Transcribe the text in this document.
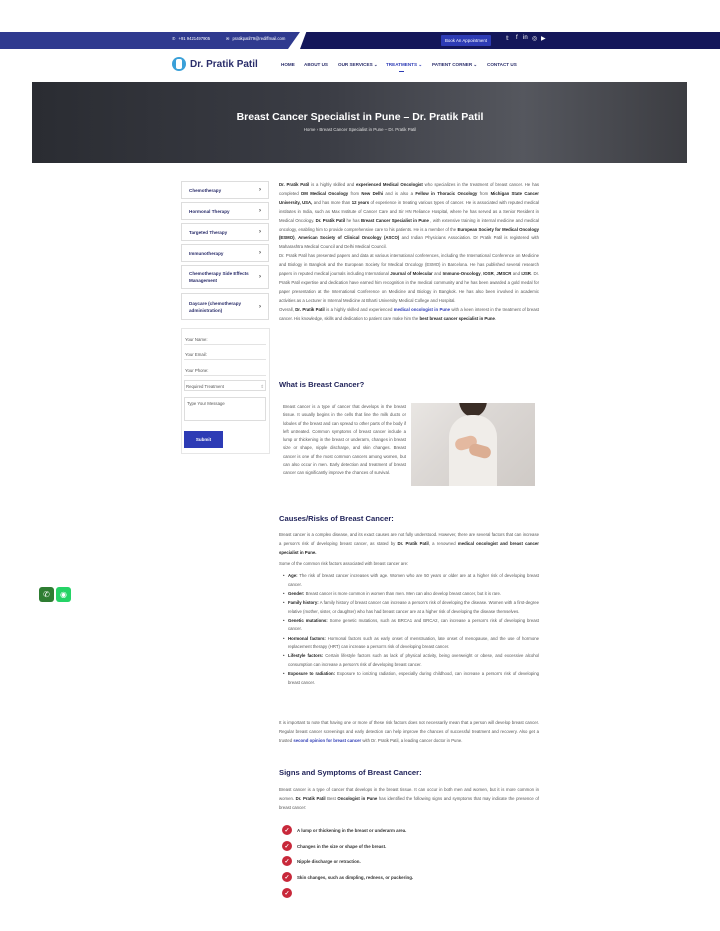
✆ +91 9421497905	✉ pratikpatil79@rediffmail.com	Book An Appointment	𝕥 f in ◎ ▶
Dr. Pratik Patil	HOME ABOUT US OUR SERVICES ⌄ TREATMENTS ⌄ PATIENT CORNER ⌄ CONTACT US
Breast Cancer Specialist in Pune – Dr. Pratik Patil
Home › Breast Cancer Specialist in Pune – Dr. Pratik Patil
Chemotherapy	›
Hormonal Therapy	›
Targeted Therapy	›
Immunotherapy	›
Chemotherapy Side Effects Management
›
Daycare (chemotherapy administration)
›
Your Name:
Your Email:
Your Phone:
Required Treatment	⇕
Type Your Message
Submit
✆	◉

Dr. Pratik Patil is a highly skilled and experienced Medical Oncologist who specializes in the treatment of breast cancer. He has completed DM Medical Oncology from New Delhi and is also a Fellow in Thoracic Oncology from Michigan State Cancer University, USA, and has more than 12 years of experience in treating various types of cancer. He is associated with reputed medical institutes in India, such as Max Institute of Cancer Care and Sir HN Reliance Hospital, where he has served as a Senior Resident in Medical Oncology. Dr. Pratik Patil he has Breast Cancer Specialist in Pune , with extensive training in internal medicine and medical oncology, enabling him to provide comprehensive care to his patients. He is a member of the European Society for Medical Oncology (ESMO), American Society of Clinical Oncology (ASCO) and Indian Physicians Association. Dr Pratik Patil is registered with Maharashtra Medical Council and Delhi Medical Council.

Dr. Pratik Patil has presented papers and data at various international conferences, including the International Conference on Medicine and Biology in Bangkok and the European Society for Medical Oncology (ESMO) in Barcelona. He has published several research papers in reputed medical journals including International Journal of Molecular and Immuno-Oncology, IOSR, JMSCR and IJSR. Dr. Pratik Patil expertise and dedication have earned him recognition in the medical community and he has been awarded a gold medal for paper presentation at the International Conference on Medicine and Biology in Bangkok. He has also been involved in academic activities as a Lecturer in Internal Medicine at Bharti University Medical College and Hospital.

Overall, Dr. Pratik Patil is a highly skilled and experienced medical oncologist in Pune with a keen interest in the treatment of breast cancer. His knowledge, skills and dedication to patient care make him the best breast cancer specialist in Pune.

What is Breast Cancer?
Breast cancer is a type of cancer that develops in the breast tissue. It usually begins in the cells that line the milk ducts or lobules of the breast and can spread to other parts of the body if left untreated. Common symptoms of breast cancer include a lump or thickening in the breast or underarm, changes in breast size or shape, nipple discharge, and skin changes. Breast cancer is one of the most common cancers among women, but can also occur in men. Early detection and treatment of breast cancer can significantly improve the chances of survival.
Causes/Risks of Breast Cancer:
Breast cancer is a complex disease, and its exact causes are not fully understood. However, there are several factors that can increase a person's risk of developing breast cancer, as stated by Dr. Pratik Patil, a renowned medical oncologist and breast cancer specialist in Pune.
Some of the common risk factors associated with breast cancer are:
• Age: The risk of breast cancer increases with age. Women who are 50 years or older are at a higher risk of developing breast cancer.
• Gender: Breast cancer is more common in women than men. Men can also develop breast cancer, but it is rare.
• Family history: A family history of breast cancer can increase a person's risk of developing the disease. Women with a first-degree relative (mother, sister, or daughter) who has had breast cancer are at a higher risk of developing the disease themselves.
• Genetic mutations: Some genetic mutations, such as BRCA1 and BRCA2, can increase a person's risk of developing breast cancer.
• Hormonal factors: Hormonal factors such as early onset of menstruation, late onset of menopause, and the use of hormone replacement therapy (HRT) can increase a person's risk of developing breast cancer.
• Lifestyle factors: Certain lifestyle factors such as lack of physical activity, being overweight or obese, and excessive alcohol consumption can increase a person's risk of developing breast cancer.
• Exposure to radiation: Exposure to ionizing radiation, especially during childhood, can increase a person's risk of developing breast cancer.
It is important to note that having one or more of these risk factors does not necessarily mean that a person will develop breast cancer. Regular breast cancer screenings and early detection can help improve the chances of successful treatment and recovery. Also get a trusted second opinion for breast cancer with Dr. Pratik Patil, a leading cancer doctor in Pune.
Signs and Symptoms of Breast Cancer:
Breast cancer is a type of cancer that develops in the breast tissue. It can occur in both men and women, but it is more common in women. Dr. Pratik Patil Best Oncologist in Pune has identified the following signs and symptoms that may indicate the presence of breast cancer:
✓	A lump or thickening in the breast or underarm area.
✓	Changes in the size or shape of the breast.
✓	Nipple discharge or retraction.
✓	Skin changes, such as dimpling, redness, or puckering.
✓
